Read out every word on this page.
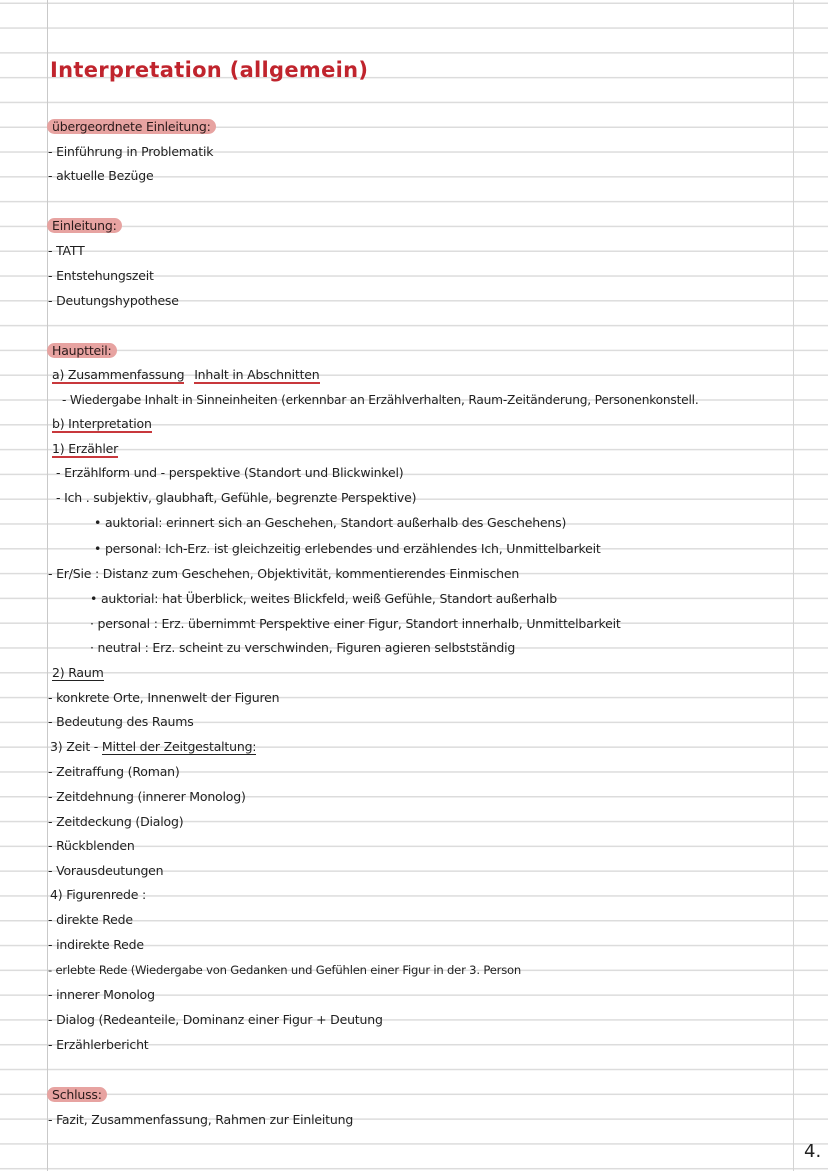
Interpretation (allgemein)
übergeordnete Einleitung:
- Einführung in Problematik
- aktuelle Bezüge
Einleitung:
- TATT
- Entstehungszeit
- Deutungshypothese
Hauptteil:
a) Zusammenfassung Inhalt in Abschnitten
- Wiedergabe Inhalt in Sinneinheiten (erkennbar an Erzählverhalten, Raum-Zeitänderung, Personenkonstell.
b) Interpretation
1) Erzähler
- Erzählform und - perspektive (Standort und Blickwinkel)
- Ich . subjektiv, glaubhaft, Gefühle, begrenzte Perspektive)
• auktorial: erinnert sich an Geschehen, Standort außerhalb des Geschehens)
• personal: Ich-Erz. ist gleichzeitig erlebendes und erzählendes Ich, Unmittelbarkeit
- Er/Sie : Distanz zum Geschehen, Objektivität, kommentierendes Einmischen
• auktorial: hat Überblick, weites Blickfeld, weiß Gefühle, Standort außerhalb
· personal : Erz. übernimmt Perspektive einer Figur, Standort innerhalb, Unmittelbarkeit
· neutral : Erz. scheint zu verschwinden, Figuren agieren selbstständig
2) Raum
- konkrete Orte, Innenwelt der Figuren
- Bedeutung des Raums
3) Zeit - Mittel der Zeitgestaltung:
- Zeitraffung (Roman)
- Zeitdehnung (innerer Monolog)
- Zeitdeckung (Dialog)
- Rückblenden
- Vorausdeutungen
4) Figurenrede :
- direkte Rede
- indirekte Rede
- erlebte Rede (Wiedergabe von Gedanken und Gefühlen einer Figur in der 3. Person
- innerer Monolog
- Dialog (Redeanteile, Dominanz einer Figur + Deutung
- Erzählerbericht
Schluss:
- Fazit, Zusammenfassung, Rahmen zur Einleitung
4.
